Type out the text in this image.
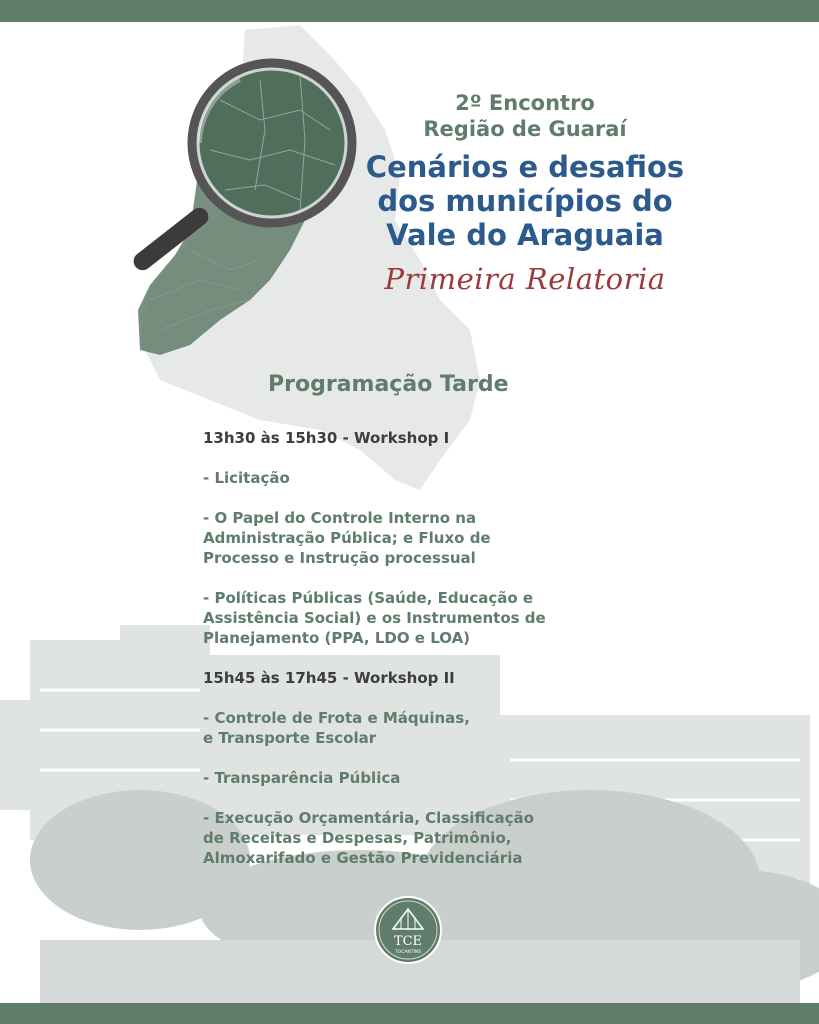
2º Encontro
Região de Guaraí
Cenários e desafios
dos municípios do
Vale do Araguaia
Primeira Relatoria
Programação Tarde
13h30 às 15h30 - Workshop I
- Licitação
- O Papel do Controle Interno na
Administração Pública; e Fluxo de
Processo e Instrução processual
- Políticas Públicas (Saúde, Educação e
Assistência Social) e os Instrumentos de
Planejamento (PPA, LDO e LOA)
15h45 às 17h45 - Workshop II
- Controle de Frota e Máquinas,
e Transporte Escolar
- Transparência Pública
- Execução Orçamentária, Classificação
de Receitas e Despesas, Patrimônio,
Almoxarifado e Gestão Previdenciária
TCE
TOCANTINS
